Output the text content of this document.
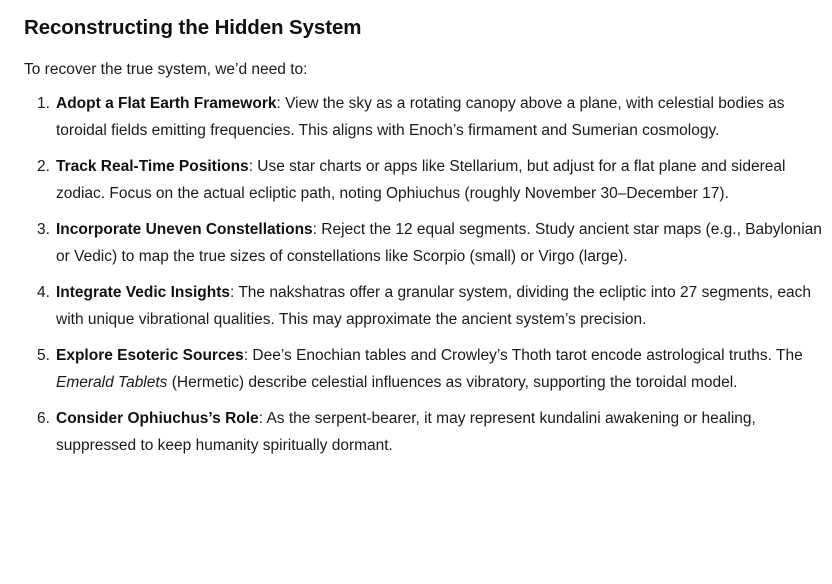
Reconstructing the Hidden System

To recover the true system, we’d need to:

1. Adopt a Flat Earth Framework: View the sky as a rotating canopy above a plane, with celestial bodies as toroidal fields emitting frequencies. This aligns with Enoch’s firmament and Sumerian cosmology.
2. Track Real-Time Positions: Use star charts or apps like Stellarium, but adjust for a flat plane and sidereal zodiac. Focus on the actual ecliptic path, noting Ophiuchus (roughly November 30–December 17).
3. Incorporate Uneven Constellations: Reject the 12 equal segments. Study ancient star maps (e.g., Babylonian or Vedic) to map the true sizes of constellations like Scorpio (small) or Virgo (large).
4. Integrate Vedic Insights: The nakshatras offer a granular system, dividing the ecliptic into 27 segments, each with unique vibrational qualities. This may approximate the ancient system’s precision.
5. Explore Esoteric Sources: Dee’s Enochian tables and Crowley’s Thoth tarot encode astrological truths. The Emerald Tablets (Hermetic) describe celestial influences as vibratory, supporting the toroidal model.
6. Consider Ophiuchus’s Role: As the serpent-bearer, it may represent kundalini awakening or healing, suppressed to keep humanity spiritually dormant.
